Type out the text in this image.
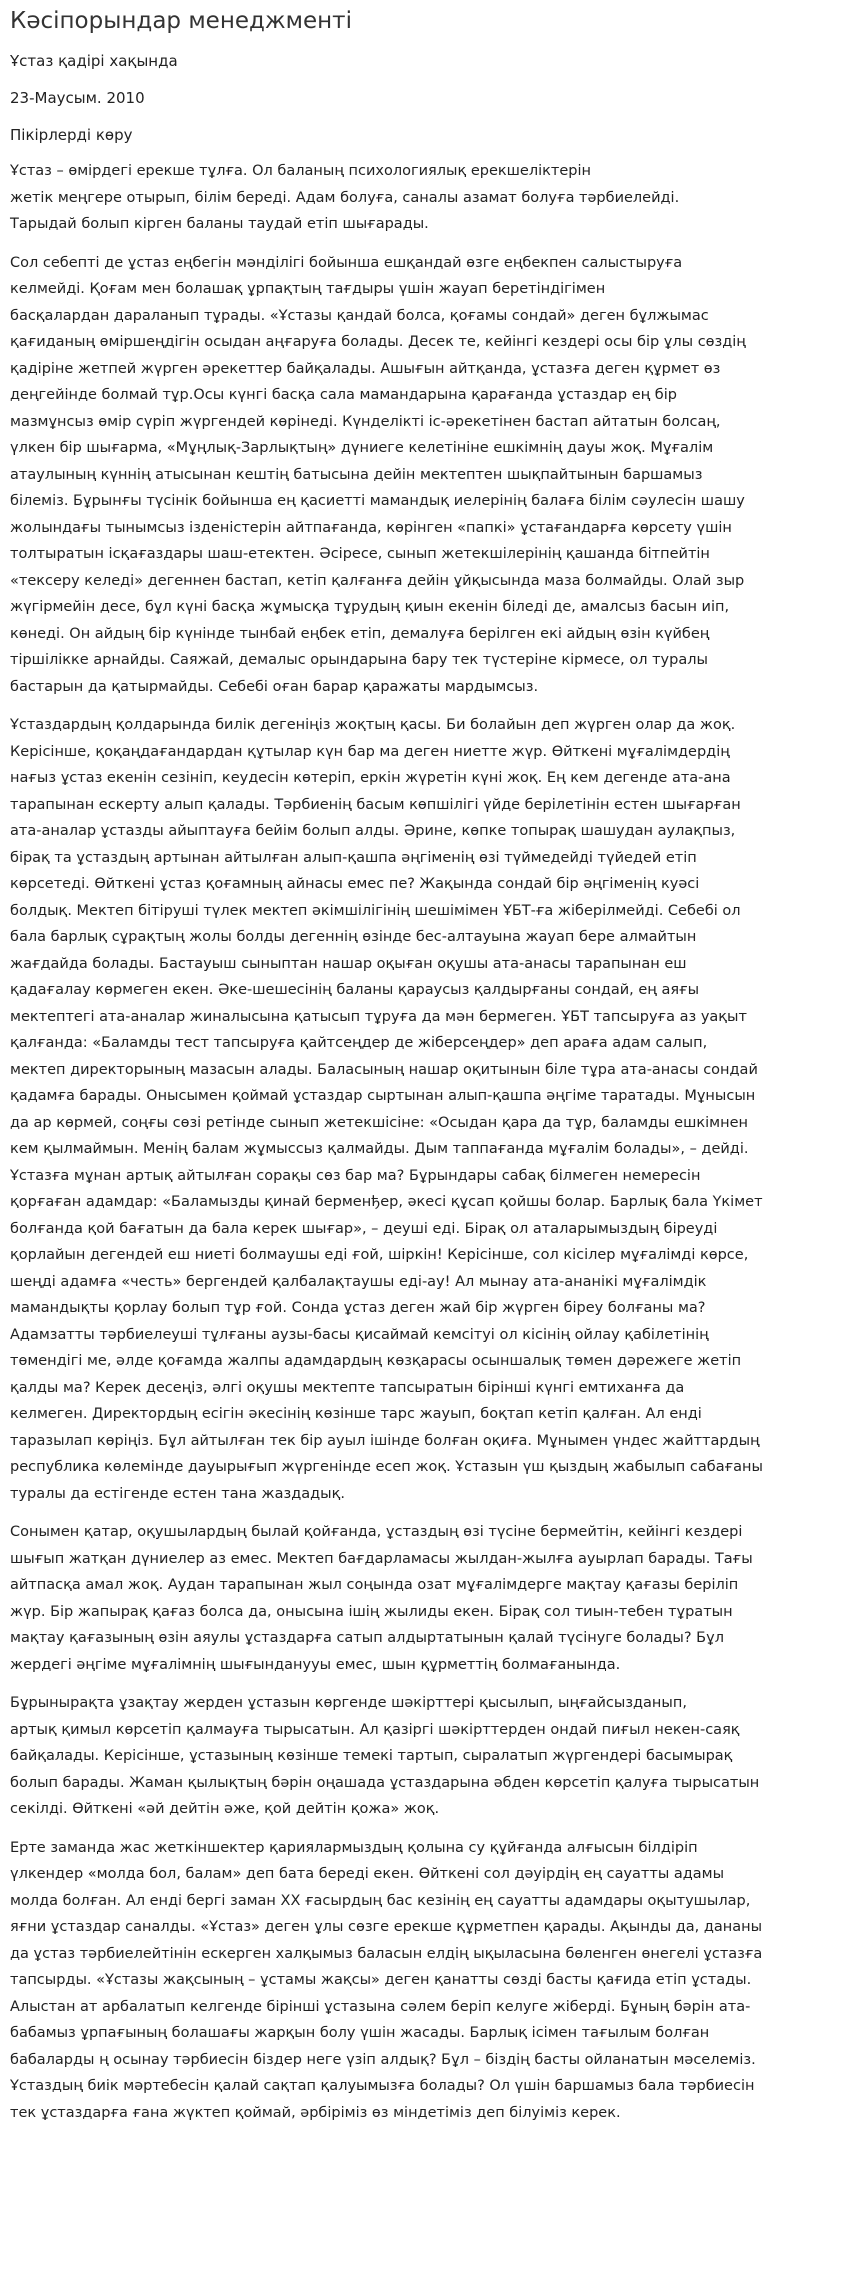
Кәсіпорындар менеджменті
Ұстаз қадірі хақында
23-Маусым. 2010
Пікірлерді көру

Ұстаз – өмірдегі ерекше тұлға. Ол баланың психологиялық ерекшеліктерін
жетік меңгере отырып, білім береді. Адам болуға, саналы азамат болуға тәрбиелейді.
Тарыдай болып кірген баланы таудай етіп шығарады.

Сол себепті де ұстаз еңбегін мәнділігі бойынша ешқандай өзге еңбекпен салыстыруға
келмейді. Қоғам мен болашақ ұрпақтың тағдыры үшін жауап беретіндігімен
басқалардан дараланып тұрады. «Ұстазы қандай болса, қоғамы сондай» деген бұлжымас
қағиданың өміршеңдігін осыдан аңғаруға болады. Десек те, кейінгі кездері осы бір ұлы сөздің
қадіріне жетпей жүрген әрекеттер байқалады. Ашығын айтқанда, ұстазға деген құрмет өз
деңгейінде болмай тұр.Осы күнгі басқа сала мамандарына қарағанда ұстаздар ең бір
мазмұнсыз өмір сүріп жүргендей көрінеді. Күнделікті іс-әрекетінен бастап айтатын болсаң,
үлкен бір шығарма, «Мұңлық-Зарлықтың» дүниеге келетініне ешкімнің дауы жоқ. Мұғалім
атаулының күннің атысынан кештің батысына дейін мектептен шықпайтынын баршамыз
білеміз. Бұрынғы түсінік бойынша ең қасиетті мамандық иелерінің балаға білім сәулесін шашу
жолындағы тынымсыз ізденістерін айтпағанда, көрінген «папкі» ұстағандарға көрсету үшін
толтыратын ісқағаздары шаш-етектен. Әсіресе, сынып жетекшілерінің қашанда бітпейтін
«тексеру келеді» дегеннен бастап, кетіп қалғанға дейін ұйқысында маза болмайды. Олай зыр
жүгірмейін десе, бұл күні басқа жұмысқа тұрудың қиын екенін біледі де, амалсыз басын иіп,
көнеді. Он айдың бір күнінде тынбай еңбек етіп, демалуға берілген екі айдың өзін күйбең
тіршілікке арнайды. Саяжай, демалыс орындарына бару тек түстеріне кірмесе, ол туралы
бастарын да қатырмайды. Себебі оған барар қаражаты мардымсыз.

Ұстаздардың қолдарында билік дегеніңіз жоқтың қасы. Би болайын деп жүрген олар да жоқ.
Керісінше, қоқаңдағандардан құтылар күн бар ма деген ниетте жүр. Өйткені мұғалімдердің
нағыз ұстаз екенін сезініп, кеудесін көтеріп, еркін жүретін күні жоқ. Ең кем дегенде ата-ана
тарапынан ескерту алып қалады. Тәрбиенің басым көпшілігі үйде берілетінін естен шығарған
ата-аналар ұстазды айыптауға бейім болып алды. Әрине, көпке топырақ шашудан аулақпыз,
бірақ та ұстаздың артынан айтылған алып-қашпа әңгіменің өзі түймедейді түйедей етіп
көрсетеді. Өйткені ұстаз қоғамның айнасы емес пе? Жақында сондай бір әңгіменің куәсі
болдық. Мектеп бітіруші түлек мектеп әкімшілігінің шешімімен ҰБТ-ға жіберілмейді. Себебі ол
бала барлық сұрақтың жолы болды дегеннің өзінде бес-алтауына жауап бере алмайтын
жағдайда болады. Бастауыш сыныптан нашар оқыған оқушы ата-анасы тарапынан еш
қадағалау көрмеген екен. Әке-шешесінің баланы қараусыз қалдырғаны сондай, ең аяғы
мектептегі ата-аналар жиналысына қатысып тұруға да мән бермеген. ҰБТ тапсыруға аз уақыт
қалғанда: «Баламды тест тапсыруға қайтсеңдер де жіберсеңдер» деп араға адам салып,
мектеп директорының мазасын алады. Баласының нашар оқитынын біле тұра ата-анасы сондай
қадамға барады. Онысымен қоймай ұстаздар сыртынан алып-қашпа әңгіме таратады. Мұнысын
да ар көрмей, соңғы сөзі ретінде сынып жетекшісіне: «Осыдан қара да тұр, баламды ешкімнен
кем қылмаймын. Менің балам жұмыссыз қалмайды. Дым таппағанда мұғалім болады», – дейді.
Ұстазға мұнан артық айтылған сорақы сөз бар ма? Бұрындары сабақ білмеген немересін
қорғаған адамдар: «Баламызды қинай берменђер, әкесі құсап қойшы болар. Барлық бала Үкімет
болғанда қой бағатын да бала керек шығар», – деуші еді. Бірақ ол аталарымыздың біреуді
қорлайын дегендей еш ниеті болмаушы еді ғой, шіркін! Керісінше, сол кісілер мұғалімді көрсе,
шеңді адамға «честь» бергендей қалбалақтаушы еді-ау! Ал мынау ата-ананікі мұғалімдік
мамандықты қорлау болып тұр ғой. Сонда ұстаз деген жай бір жүрген біреу болғаны ма?
Адамзатты тәрбиелеуші тұлғаны аузы-басы қисаймай кемсітуі ол кісінің ойлау қабілетінің
төмендігі ме, әлде қоғамда жалпы адамдардың көзқарасы осыншалық төмен дәрежеге жетіп
қалды ма? Керек десеңіз, әлгі оқушы мектепте тапсыратын бірінші күнгі емтиханға да
келмеген. Директордың есігін әкесінің көзінше тарс жауып, боқтап кетіп қалған. Ал енді
таразылап көріңіз. Бұл айтылған тек бір ауыл ішінде болған оқиға. Мұнымен үндес жайттардың
республика көлемінде дауырығып жүргенінде есеп жоқ. Ұстазын үш қыздың жабылып сабағаны
туралы да естігенде естен тана жаздадық.

Сонымен қатар, оқушылардың былай қойғанда, ұстаздың өзі түсіне бермейтін, кейінгі кездері
шығып жатқан дүниелер аз емес. Мектеп бағдарламасы жылдан-жылға ауырлап барады. Тағы
айтпасқа амал жоқ. Аудан тарапынан жыл соңында озат мұғалімдерге мақтау қағазы беріліп
жүр. Бір жапырақ қағаз болса да, онысына ішің жылиды екен. Бірақ сол тиын-тебен тұратын
мақтау қағазының өзін аяулы ұстаздарға сатып алдыртатынын қалай түсінуге болады? Бұл
жердегі әңгіме мұғалімнің шығынданууы емес, шын құрметтің болмағанында.

Бұрынырақта ұзақтау жерден ұстазын көргенде шәкірттері қысылып, ыңғайсызданып,
артық қимыл көрсетіп қалмауға тырысатын. Ал қазіргі шәкірттерден ондай пиғыл некен-саяқ
байқалады. Керісінше, ұстазының көзінше темекі тартып, сыралатып жүргендері басымырақ
болып барады. Жаман қылықтың бәрін оңашада ұстаздарына әбден көрсетіп қалуға тырысатын
секілді. Өйткені «әй дейтін әже, қой дейтін қожа» жоқ.

Ерте заманда жас жеткіншектер қариялармыздың қолына су құйғанда алғысын білдіріп
үлкендер «молда бол, балам» деп бата береді екен. Өйткені сол дәуірдің ең сауатты адамы
молда болған. Ал енді бергі заман XX ғасырдың бас кезінің ең сауатты адамдары оқытушылар,
яғни ұстаздар саналды. «Ұстаз» деген ұлы сөзге ерекше құрметпен қарады. Ақынды да, дананы
да ұстаз тәрбиелейтінін ескерген халқымыз баласын елдің ықыласына бөленген өнегелі ұстазға
тапсырды. «Ұстазы жақсының – ұстамы жақсы» деген қанатты сөзді басты қағида етіп ұстады.
Алыстан ат арбалатып келгенде бірінші ұстазына сәлем беріп келуге жіберді. Бұның бәрін ата-
бабамыз ұрпағының болашағы жарқын болу үшін жасады. Барлық ісімен тағылым болған
бабаларды ң осынау тәрбиесін біздер неге үзіп алдық? Бұл – біздің басты ойланатын мәселеміз.
Ұстаздың биік мәртебесін қалай сақтап қалуымызға болады? Ол үшін баршамыз бала тәрбиесін
тек ұстаздарға ғана жүктеп қоймай, әрбіріміз өз міндетіміз деп білуіміз керек.
